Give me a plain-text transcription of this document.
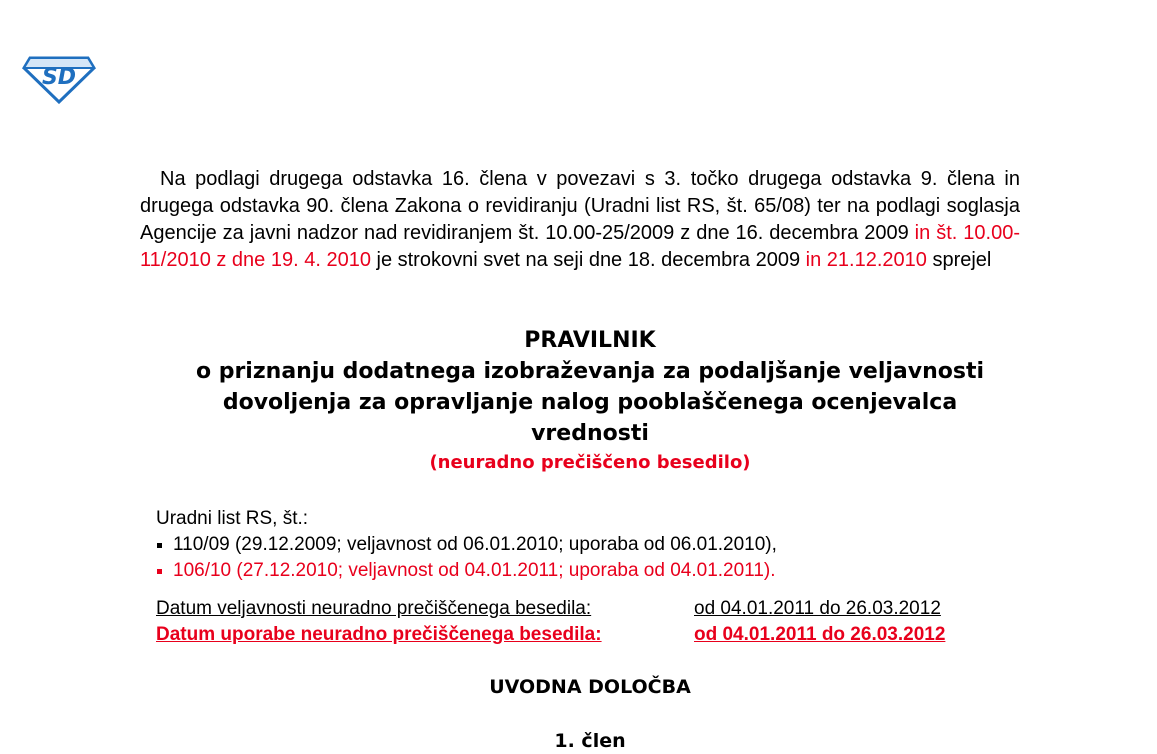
SD

Na podlagi drugega odstavka 16. člena v povezavi s 3. točko drugega odstavka 9. člena in drugega odstavka 90. člena Zakona o revidiranju (Uradni list RS, št. 65/08) ter na podlagi soglasja Agencije za javni nadzor nad revidiranjem št. 10.00-25/2009 z dne 16. decembra 2009 in št. 10.00-11/2010 z dne 19. 4. 2010 je strokovni svet na seji dne 18. decembra 2009 in 21.12.2010 sprejel

PRAVILNIK
o priznanju dodatnega izobraževanja za podaljšanje veljavnosti
dovoljenja za opravljanje nalog pooblaščenega ocenjevalca
vrednosti
(neuradno prečiščeno besedilo)
Uradni list RS, št.:
110/09 (29.12.2009; veljavnost od 06.01.2010; uporaba od 06.01.2010),
106/10 (27.12.2010; veljavnost od 04.01.2011; uporaba od 04.01.2011).
Datum veljavnosti neuradno prečiščenega besedila:	od 04.01.2011 do 26.03.2012
Datum uporabe neuradno prečiščenega besedila:	od 04.01.2011 do 26.03.2012
UVODNA DOLOČBA
1. člen
